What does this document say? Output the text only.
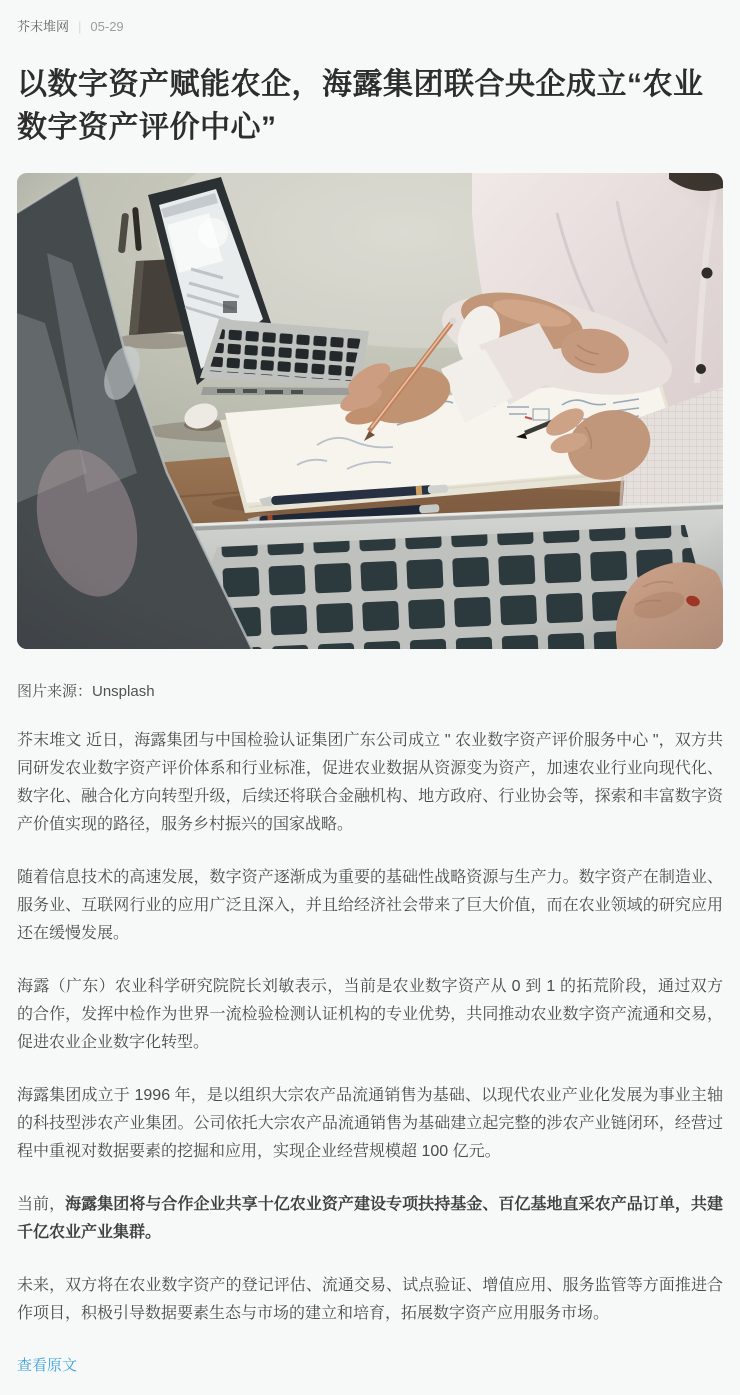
芥末堆网 | 05-29
以数字资产赋能农企，海露集团联合央企成立“农业数字资产评价中心”

图片来源：Unsplash

芥末堆文 近日，海露集团与中国检验认证集团广东公司成立 " 农业数字资产评价服务中心 "，双方共同研发农业数字资产评价体系和行业标准，促进农业数据从资源变为资产，加速农业行业向现代化、数字化、融合化方向转型升级，后续还将联合金融机构、地方政府、行业协会等，探索和丰富数字资产价值实现的路径，服务乡村振兴的国家战略。

随着信息技术的高速发展，数字资产逐渐成为重要的基础性战略资源与生产力。数字资产在制造业、服务业、互联网行业的应用广泛且深入，并且给经济社会带来了巨大价值，而在农业领域的研究应用还在缓慢发展。

海露（广东）农业科学研究院院长刘敏表示，当前是农业数字资产从 0 到 1 的拓荒阶段，通过双方的合作，发挥中检作为世界一流检验检测认证机构的专业优势，共同推动农业数字资产流通和交易，促进农业企业数字化转型。

海露集团成立于 1996 年，是以组织大宗农产品流通销售为基础、以现代农业产业化发展为事业主轴的科技型涉农产业集团。公司依托大宗农产品流通销售为基础建立起完整的涉农产业链闭环，经营过程中重视对数据要素的挖掘和应用，实现企业经营规模超 100 亿元。

当前，海露集团将与合作企业共享十亿农业资产建设专项扶持基金、百亿基地直采农产品订单，共建千亿农业产业集群。

未来，双方将在农业数字资产的登记评估、流通交易、试点验证、增值应用、服务监管等方面推进合作项目，积极引导数据要素生态与市场的建立和培育，拓展数字资产应用服务市场。

查看原文
